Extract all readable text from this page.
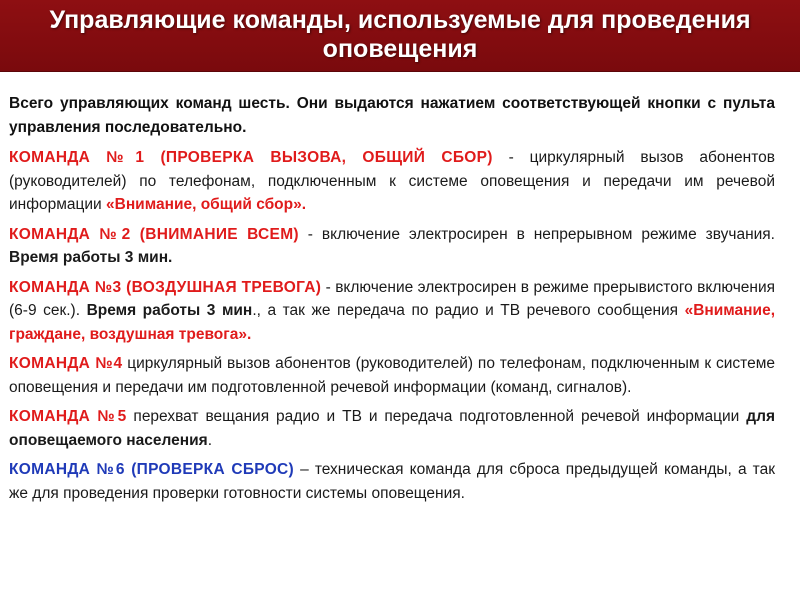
Управляющие команды, используемые для проведения
оповещения

Всего управляющих команд шесть. Они выдаются нажатием соответствующей кнопки с пульта управления последовательно.

КОМАНДА №1 (ПРОВЕРКА ВЫЗОВА, ОБЩИЙ СБОР) - циркулярный вызов абонентов (руководителей) по телефонам, подключенным к системе оповещения и передачи им речевой информации «Внимание, общий сбор».

КОМАНДА №2 (ВНИМАНИЕ ВСЕМ) - включение электросирен в непрерывном режиме звучания. Время работы 3 мин.

КОМАНДА №3 (ВОЗДУШНАЯ ТРЕВОГА) - включение электросирен в режиме прерывистого включения (6-9 сек.). Время работы 3 мин., а так же передача по радио и ТВ речевого сообщения «Внимание, граждане, воздушная тревога».

КОМАНДА №4 циркулярный вызов абонентов (руководителей) по телефонам, подключенным к системе оповещения и передачи им подготовленной речевой информации (команд, сигналов).

КОМАНДА №5 перехват вещания радио и ТВ и передача подготовленной речевой информации для оповещаемого населения.

КОМАНДА №6 (ПРОВЕРКА СБРОС) – техническая команда для сброса предыдущей команды, а так же для проведения проверки готовности системы оповещения.
